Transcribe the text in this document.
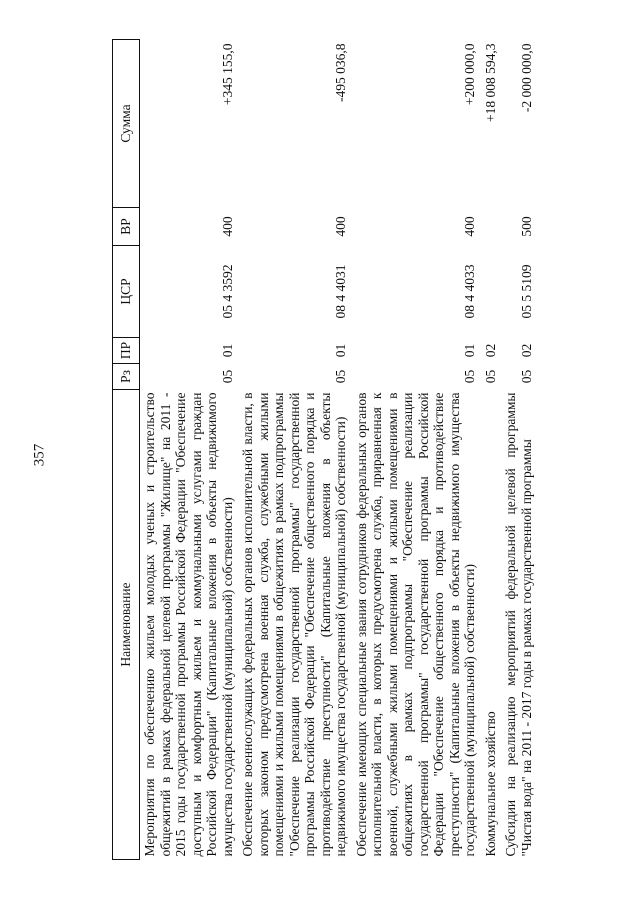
357
Наименование	Рз	ПР	ЦСР	ВР	Сумма
Мероприятия по обеспечению жильем молодых ученых и строительство общежитий в рамках федеральной целевой программы "Жилище" на 2011 - 2015 годы государственной программы Российской Федерации "Обеспечение доступным и комфортным жильем и коммунальными услугами граждан Российской Федерации" (Капитальные вложения в объекты недвижимого имущества государственной (муниципальной) собственности)	05	01	05 4 3592	400	+345 155,0
Обеспечение военнослужащих федеральных органов исполнительной власти, в которых законом предусмотрена военная служба, служебными жилыми помещениями и жилыми помещениями в общежитиях в рамках подпрограммы "Обеспечение реализации государственной программы" государственной программы Российской Федерации "Обеспечение общественного порядка и противодействие преступности" (Капитальные вложения в объекты недвижимого имущества государственной (муниципальной) собственности)	05	01	08 4 4031	400	-495 036,8
Обеспечение имеющих специальные звания сотрудников федеральных органов исполнительной власти, в которых предусмотрена служба, приравненная к военной, служебными жилыми помещениями и жилыми помещениями в общежитиях в рамках подпрограммы "Обеспечение реализации государственной программы" государственной программы Российской Федерации "Обеспечение общественного порядка и противодействие преступности" (Капитальные вложения в объекты недвижимого имущества государственной (муниципальной) собственности)	05	01	08 4 4033	400	+200 000,0
Коммунальное хозяйство	05	02			+18 008 594,3
Субсидии на реализацию мероприятий федеральной целевой программы "Чистая вода" на 2011 - 2017 годы в рамках государственной программы	05	02	05 5 5109	500	-2 000 000,0
